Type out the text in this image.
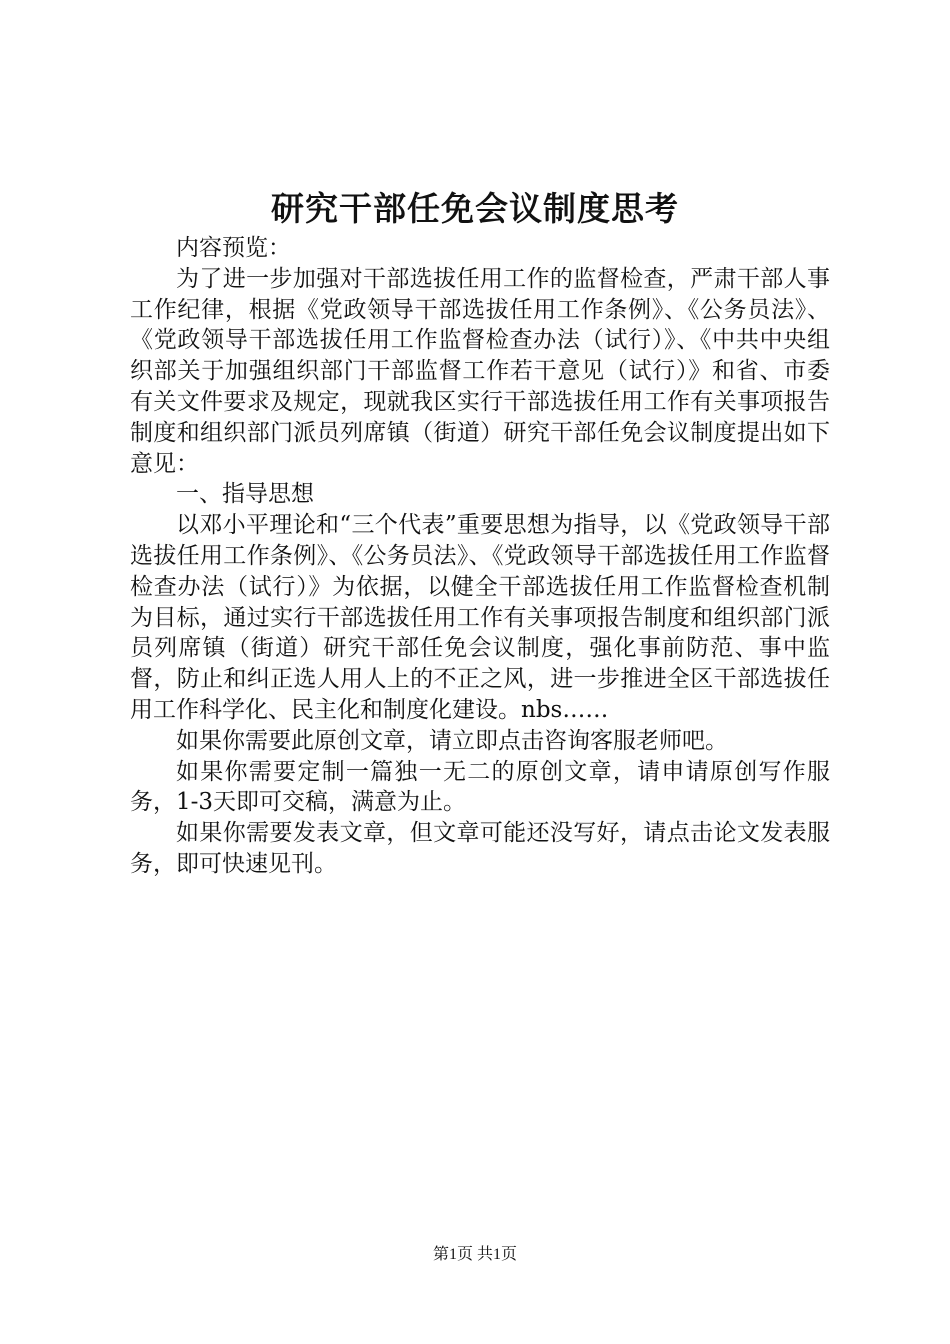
研究干部任免会议制度思考

内容预览：

为了进一步加强对干部选拔任用工作的监督检查，严肃干部人事工作纪律，根据《党政领导干部选拔任用工作条例》、《公务员法》、《党政领导干部选拔任用工作监督检查办法（试行）》、《中共中央组织部关于加强组织部门干部监督工作若干意见（试行）》和省、市委有关文件要求及规定，现就我区实行干部选拔任用工作有关事项报告制度和组织部门派员列席镇（街道）研究干部任免会议制度提出如下意见：

一、指导思想

以邓小平理论和“三个代表”重要思想为指导，以《党政领导干部选拔任用工作条例》、《公务员法》、《党政领导干部选拔任用工作监督检查办法（试行）》为依据，以健全干部选拔任用工作监督检查机制为目标，通过实行干部选拔任用工作有关事项报告制度和组织部门派员列席镇（街道）研究干部任免会议制度，强化事前防范、事中监督，防止和纠正选人用人上的不正之风，进一步推进全区干部选拔任用工作科学化、民主化和制度化建设。nbs……

如果你需要此原创文章，请立即点击咨询客服老师吧。

如果你需要定制一篇独一无二的原创文章，请申请原创写作服务，1-3天即可交稿，满意为止。

如果你需要发表文章，但文章可能还没写好，请点击论文发表服务，即可快速见刊。

第1页 共1页
